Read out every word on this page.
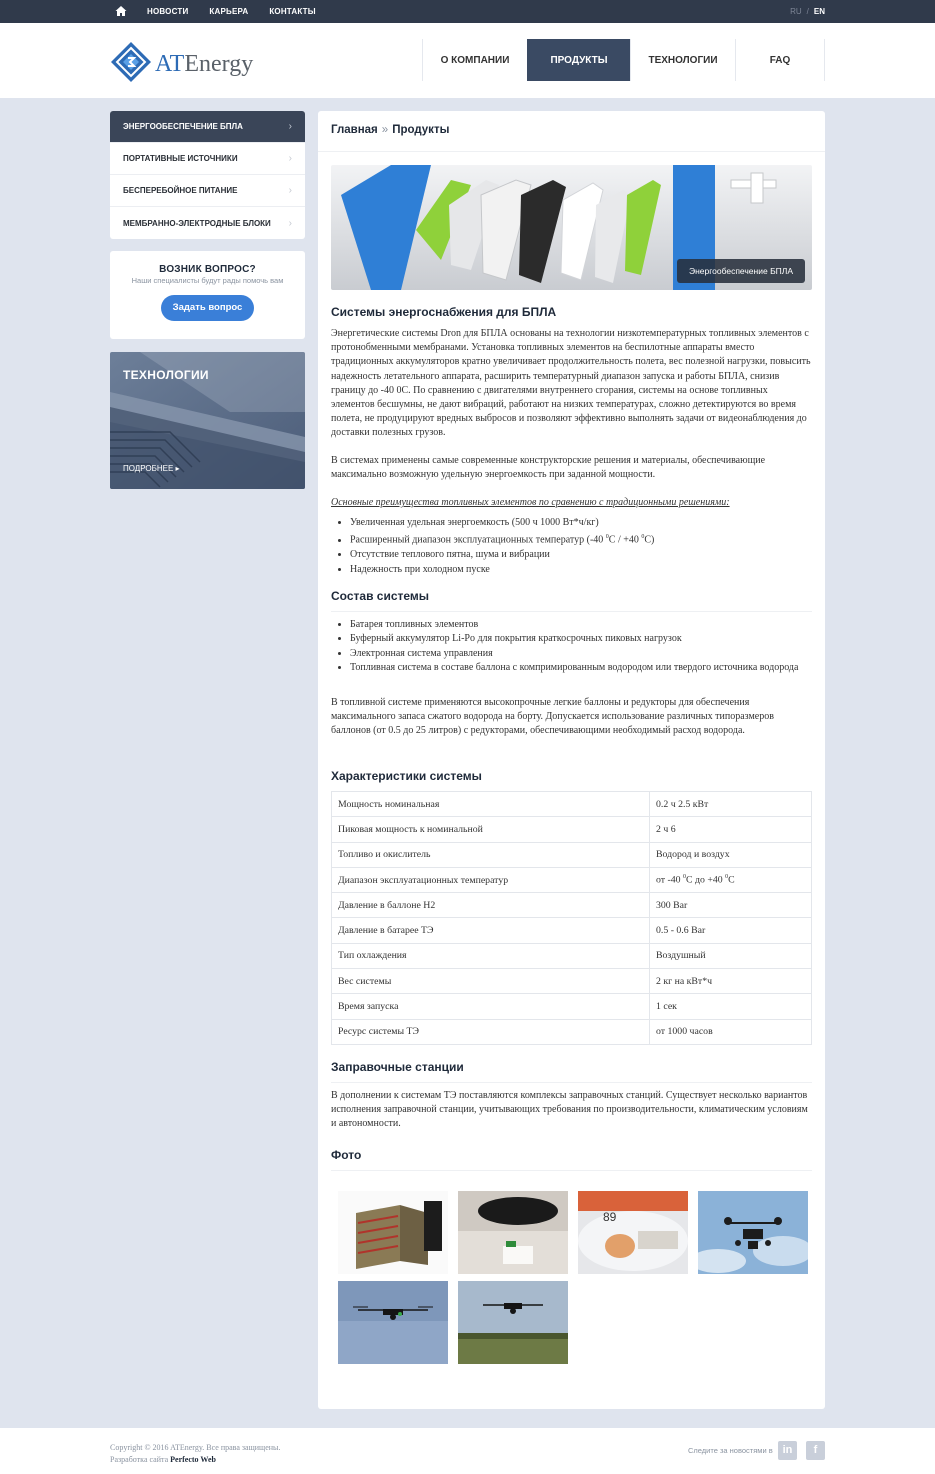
НОВОСТИ	КАРЬЕРА	КОНТАКТЫ	RU / EN
ATEnergy	О КОМПАНИИ	ПРОДУКТЫ	ТЕХНОЛОГИИ	FAQ
ЭНЕРГООБЕСПЕЧЕНИЕ БПЛА	›
ПОРТАТИВНЫЕ ИСТОЧНИКИ	›
БЕСПЕРЕБОЙНОЕ ПИТАНИЕ	›
МЕМБРАННО-ЭЛЕКТРОДНЫЕ БЛОКИ ›
ВОЗНИК ВОПРОС?
Наши специалисты будут рады помочь вам
Задать вопрос
ТЕХНОЛОГИИ
ПОДРОБНЕЕ ▸
Главная » Продукты
Энергообеспечение БПЛА
Системы энергоснабжения для БПЛА

Энергетические системы Dron для БПЛА основаны на технологии низкотемпературных топливных элементов с протонобменными мембранами. Установка топливных элементов на беспилотные аппараты вместо традиционных аккумуляторов кратно увеличивает продолжительность полета, вес полезной нагрузки, повысить надежность летательного аппарата, расширить температурный диапазон запуска и работы БПЛА, снизив границу до -40 0С. По сравнению с двигателями внутреннего сгорания, системы на основе топливных элементов бесшумны, не дают вибраций, работают на низких температурах, сложно детектируются во время полета, не продуцируют вредных выбросов и позволяют эффективно выполнять задачи от видеонаблюдения до доставки полезных грузов.

В системах применены самые современные конструкторские решения и материалы, обеспечивающие максимально возможную удельную энергоемкость при заданной мощности.

Основные преимущества топливных элементов по сравнению с традиционными решениями:

• Увеличенная удельная энергоемкость (500 ч 1000 Вт*ч/кг)
• Расширенный диапазон эксплуатационных температур (-40 $^0$С / +40 $^0$С)
• Отсутствие теплового пятна, шума и вибрации
• Надежность при холодном пуске
Состав системы
• Батарея топливных элементов
• Буферный аккумулятор Li-Po для покрытия краткосрочных пиковых нагрузок
• Электронная система управления
• Топливная система в составе баллона с компримированным водородом или твердого источника водорода

В топливной системе применяются высокопрочные легкие баллоны и редукторы для обеспечения максимального запаса сжатого водорода на борту. Допускается использование различных типоразмеров баллонов (от 0.5 до 25 литров) с редукторами, обеспечивающими необходимый расход водорода.

Характеристики системы
Мощность номинальная	0.2 ч 2.5 кВт
Пиковая мощность к номинальной	2 ч 6
Топливо и окислитель	Водород и воздух
Диапазон эксплуатационных температур	от -40 $^0$С до +40 $^0$С
Давление в баллоне Н2	300 Bar
Давление в батарее ТЭ	0.5 - 0.6 Bar
Тип охлаждения	Воздушный
Вес системы	2 кг на кВт*ч
Время запуска	1 сек
Ресурс системы ТЭ	от 1000 часов
Заправочные станции

В дополнении к системам ТЭ поставляются комплексы заправочных станций. Существует несколько вариантов исполнения заправочной станции, учитывающих требования по производительности, климатическим условиям и автономности.

Фото
89
Copyright © 2016 ATEnergy. Все права защищены.
Разработка сайта Perfecto Web
Следите за новостями в in	f
